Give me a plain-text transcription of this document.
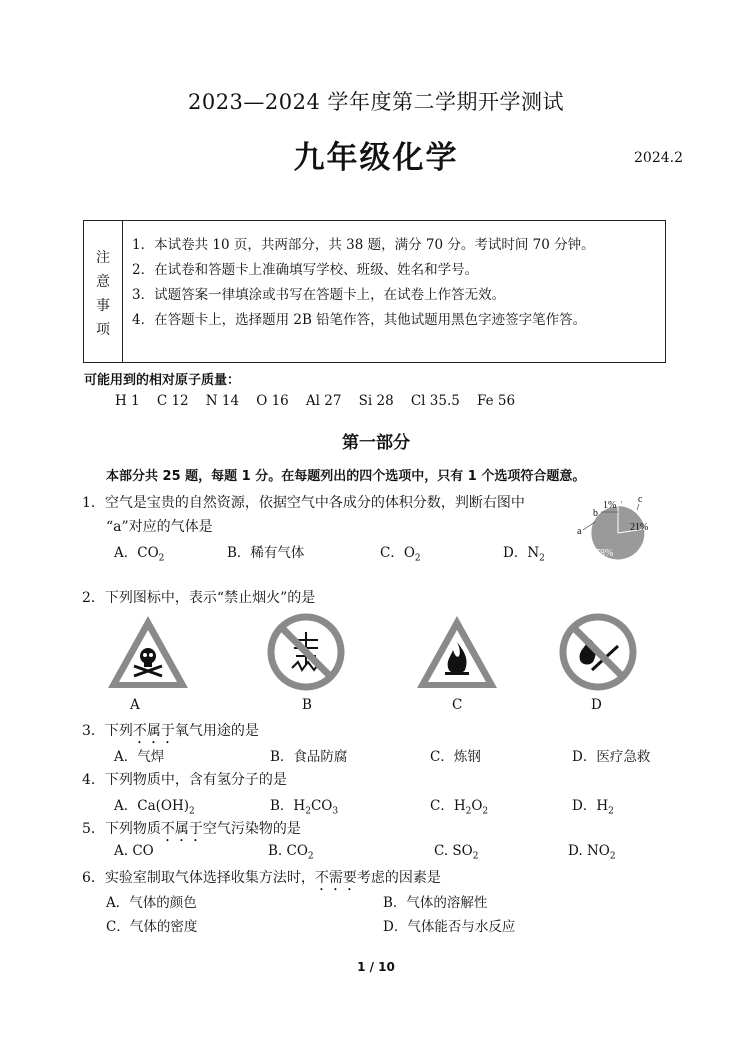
2023—2024 学年度第二学期开学测试
九年级化学	2024.2
注
意
事
项
1．本试卷共 10 页，共两部分，共 38 题，满分 70 分。考试时间 70 分钟。
2．在试卷和答题卡上准确填写学校、班级、姓名和学号。
3．试题答案一律填涂或书写在答题卡上，在试卷上作答无效。
4．在答题卡上，选择题用 2B 铅笔作答，其他试题用黑色字迹签字笔作答。
可能用到的相对原子质量：
H 1    C 12    N 14    O 16    Al 27    Si 28    Cl 35.5    Fe 56
第一部分
本部分共 25 题，每题 1 分。在每题列出的四个选项中，只有 1 个选项符合题意。
1．空气是宝贵的自然资源，依据空气中各成分的体积分数，判断右图中
“a”对应的气体是
A．$CO_2$	B．稀有气体	C．$O_2$	D．$N_2$
1%
21%
78%
b
a
c
2．下列图标中，表示“禁止烟火”的是
A	B	C	D
3．下列不属于氧气用途的是
A．气焊	B．食品防腐	C．炼钢	D．医疗急救
4．下列物质中，含有氢分子的是
A．$Ca(OH)_2$	B．$H_2CO_3$	C．$H_2O_2$	D．$H_2$
5．下列物质不属于空气污染物的是
A. CO	B. $CO_2$	C. $SO_2$	D. $NO_2$
6．实验室制取气体选择收集方法时，不需要考虑的因素是
A．气体的颜色	B．气体的溶解性
C．气体的密度	D．气体能否与水反应
1 / 10
